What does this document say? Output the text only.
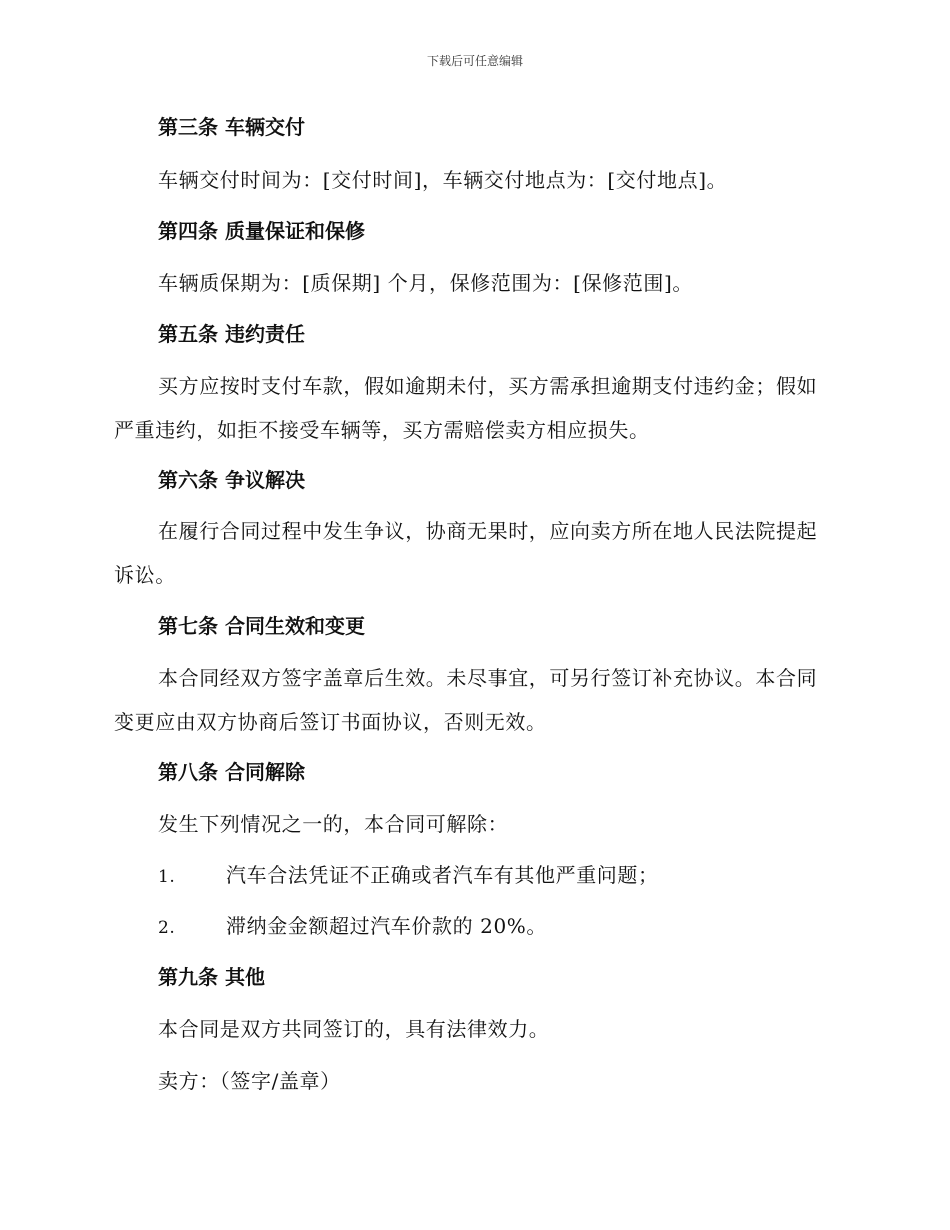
下载后可任意编辑
第三条 车辆交付

车辆交付时间为：[交付时间]，车辆交付地点为：[交付地点]。

第四条 质量保证和保修

车辆质保期为：[质保期] 个月，保修范围为：[保修范围]。

第五条 违约责任

买方应按时支付车款，假如逾期未付，买方需承担逾期支付违约金；假如严重违约，如拒不接受车辆等，买方需赔偿卖方相应损失。

第六条 争议解决

在履行合同过程中发生争议，协商无果时，应向卖方所在地人民法院提起诉讼。

第七条 合同生效和变更

本合同经双方签字盖章后生效。未尽事宜，可另行签订补充协议。本合同变更应由双方协商后签订书面协议，否则无效。

第八条 合同解除

发生下列情况之一的，本合同可解除：

1.	汽车合法凭证不正确或者汽车有其他严重问题；
2.	滞纳金金额超过汽车价款的 20%。
第九条 其他

本合同是双方共同签订的，具有法律效力。

卖方：（签字/盖章）
